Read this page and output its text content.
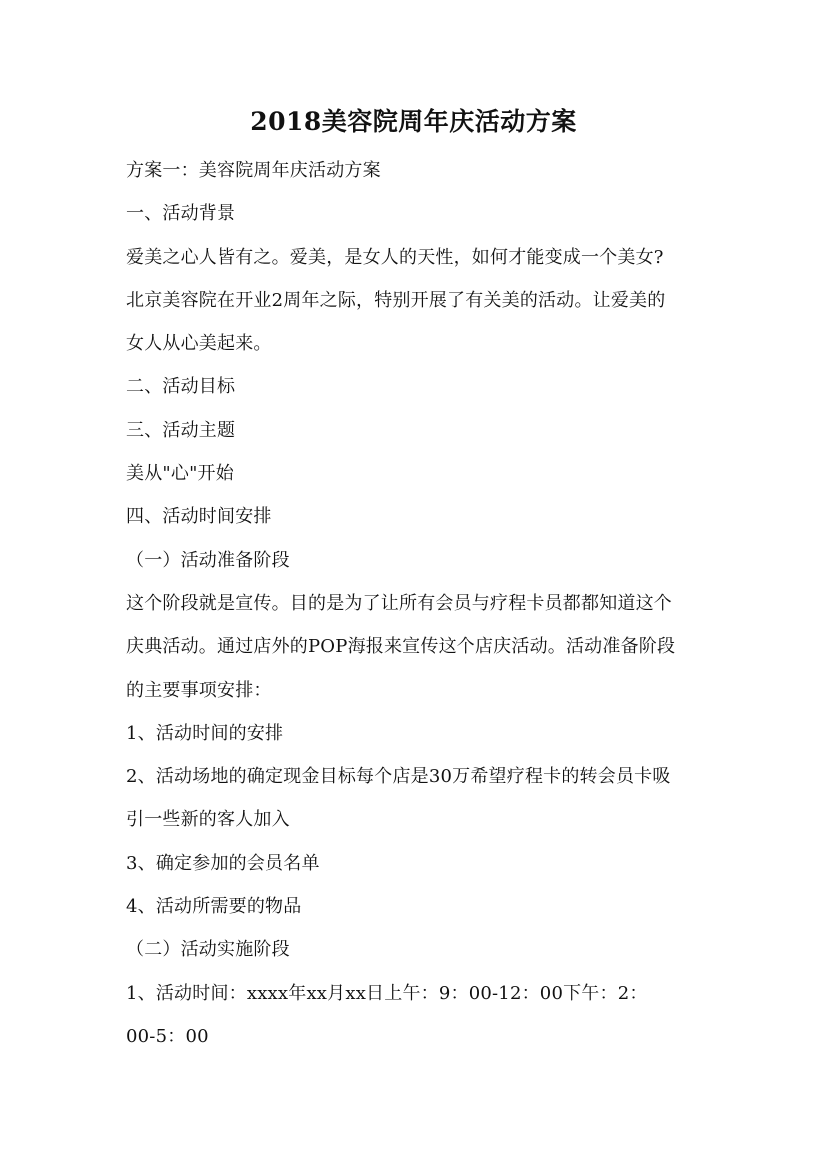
2018美容院周年庆活动方案
方案一：美容院周年庆活动方案
一、活动背景
爱美之心人皆有之。爱美，是女人的天性，如何才能变成一个美女?
北京美容院在开业2周年之际，特别开展了有关美的活动。让爱美的
女人从心美起来。
二、活动目标
三、活动主题
美从"心"开始
四、活动时间安排
（一）活动准备阶段
这个阶段就是宣传。目的是为了让所有会员与疗程卡员都都知道这个
庆典活动。通过店外的POP海报来宣传这个店庆活动。活动准备阶段
的主要事项安排：
1、活动时间的安排
2、活动场地的确定现金目标每个店是30万希望疗程卡的转会员卡吸
引一些新的客人加入
3、确定参加的会员名单
4、活动所需要的物品
（二）活动实施阶段
1、活动时间：xxxx年xx月xx日上午：9：00-12：00下午：2：
00-5：00
